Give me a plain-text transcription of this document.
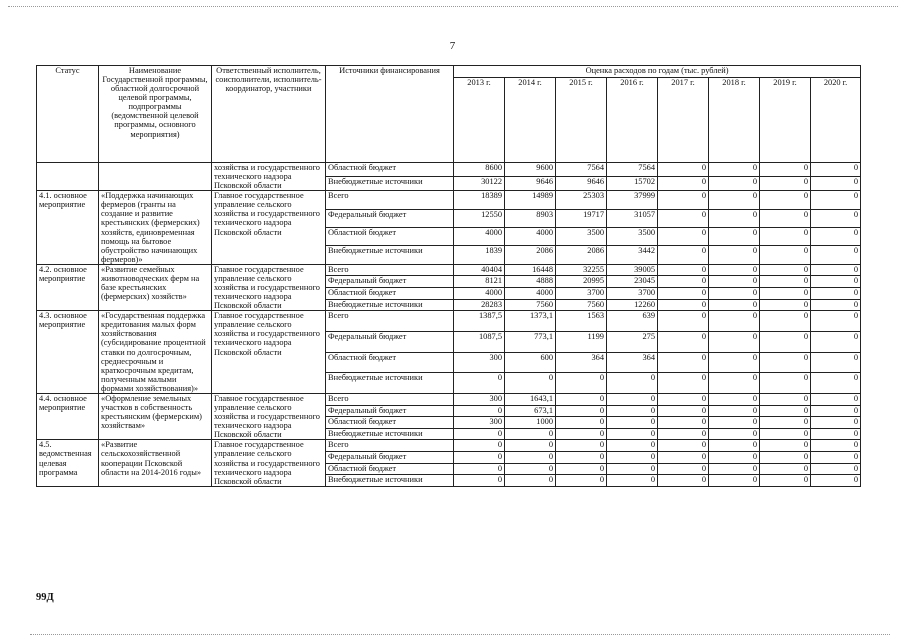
7
Статус	Наименование Государственной программы, областной долгосрочной целевой программы, подпрограммы (ведомственной целевой программы, основного мероприятия)	Ответственный исполнитель, соисполнители, исполнитель-координатор, участники	Источники финансирования	Оценка расходов по годам (тыс. рублей)							
				2013 г.	2014 г.	2015 г.	2016 г.	2017 г.	2018 г.	2019 г.	2020 г.
		хозяйства и государственного технического надзора Псковской области	Областной бюджет	8600	9600	7564	7564	0	0	0	0
			Внебюджетные источники	30122	9646	9646	15702	0	0	0	0
4.1. основное мероприятие	«Поддержка начинающих фермеров (гранты на создание и развитие крестьянских (фермерских) хозяйств, единовременная помощь на бытовое обустройство начинающих фермеров)»	Главное государственное управление сельского хозяйства и государственного технического надзора Псковской области	Всего	18389	14989	25303	37999	0	0	0	0
			Федеральный бюджет	12550	8903	19717	31057	0	0	0	0
			Областной бюджет	4000	4000	3500	3500	0	0	0	0
			Внебюджетные источники	1839	2086	2086	3442	0	0	0	0
4.2. основное мероприятие	«Развитие семейных животноводческих ферм на базе крестьянских (фермерских) хозяйств»	Главное государственное управление сельского хозяйства и государственного технического надзора Псковской области	Всего	40404	16448	32255	39005	0	0	0	0
			Федеральный бюджет	8121	4888	20995	23045	0	0	0	0
			Областной бюджет	4000	4000	3700	3700	0	0	0	0
			Внебюджетные источники	28283	7560	7560	12260	0	0	0	0
4.3. основное мероприятие	«Государственная поддержка кредитования малых форм хозяйствования (субсидирование процентной ставки по долгосрочным, среднесрочным и краткосрочным кредитам, полученным малыми формами хозяйствования)»	Главное государственное управление сельского хозяйства и государственного технического надзора Псковской области	Всего	1387,5	1373,1	1563	639	0	0	0	0
			Федеральный бюджет	1087,5	773,1	1199	275	0	0	0	0
			Областной бюджет	300	600	364	364	0	0	0	0
			Внебюджетные источники	0	0	0	0	0	0	0	0
4.4. основное мероприятие	«Оформление земельных участков в собственность крестьянским (фермерским) хозяйствам»	Главное государственное управление сельского хозяйства и государственного технического надзора Псковской области	Всего	300	1643,1	0	0	0	0	0	0
			Федеральный бюджет	0	673,1	0	0	0	0	0	0
			Областной бюджет	300	1000	0	0	0	0	0	0
			Внебюджетные источники	0	0	0	0	0	0	0	0
4.5. ведомственная целевая программа	«Развитие сельскохозяйственной кооперации Псковской области на 2014-2016 годы»	Главное государственное управление сельского хозяйства и государственного технического надзора Псковской области	Всего	0	0	0	0	0	0	0	0
			Федеральный бюджет	0	0	0	0	0	0	0	0
			Областной бюджет	0	0	0	0	0	0	0	0
			Внебюджетные источники	0	0	0	0	0	0	0	0
99Д
